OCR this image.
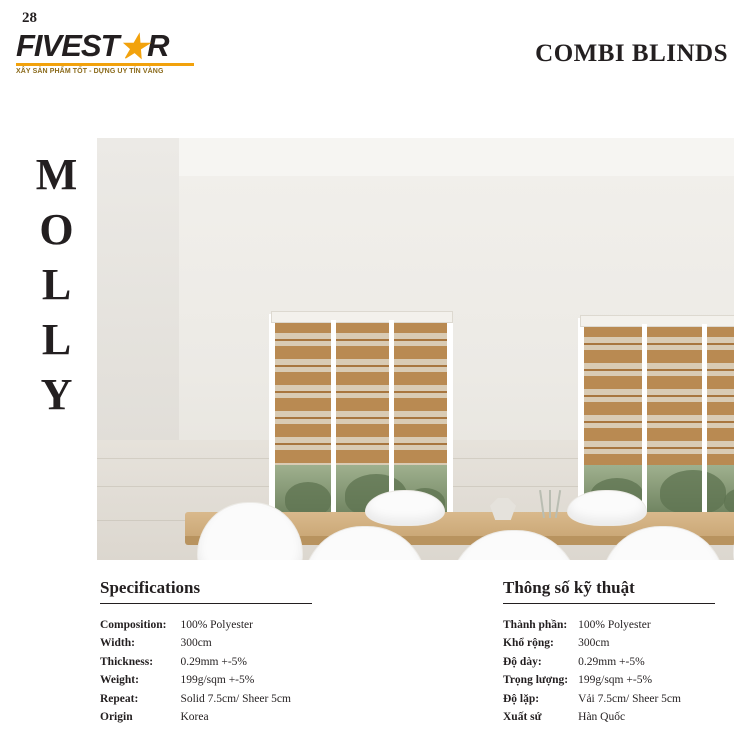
28
FIVEST★R
XÂY SẢN PHẨM TỐT - DỰNG UY TÍN VÀNG
COMBI BLINDS
MOLLY
Specifications
Composition:	100% Polyester
Width:	300cm
Thickness:	0.29mm +-5%
Weight:	199g/sqm +-5%
Repeat:	Solid 7.5cm/ Sheer 5cm
Origin	Korea
Thông số kỹ thuật
Thành phần:	100% Polyester
Khổ rộng:	300cm
Độ dày:	0.29mm +-5%
Trọng lượng:	199g/sqm +-5%
Độ lặp:	Vải 7.5cm/ Sheer 5cm
Xuất sứ	Hàn Quốc
